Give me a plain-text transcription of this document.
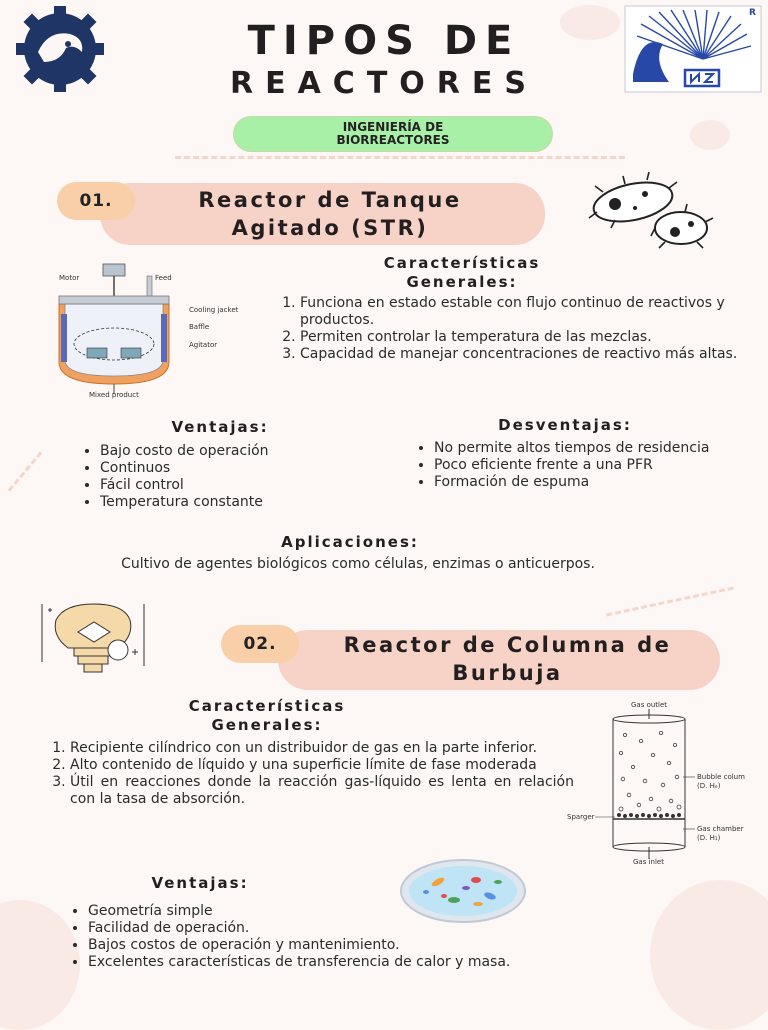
R
TIPOS DE
REACTORES
INGENIERÍA DE BIORREACTORES
01.	Reactor de Tanque Agitado (STR)
Motor	Feed
Cooling jacket
Baffle
Agitator
Mixed product
Características Generales:
1. Funciona en estado estable con flujo continuo de reactivos y productos.
2. Permiten controlar la temperatura de las mezclas.
3. Capacidad de manejar concentraciones de reactivo más altas.
Ventajas:
• Bajo costo de operación
• Continuos
• Fácil control
• Temperatura constante
Desventajas:
• No permite altos tiempos de residencia
• Poco eficiente frente a una PFR
• Formación de espuma
Aplicaciones:
Cultivo de agentes biológicos como células, enzimas o anticuerpos.
02.	Reactor de Columna de Burbuja
Características Generales:
1. Recipiente cilíndrico con un distribuidor de gas en la parte inferior.
2. Alto contenido de líquido y una superficie límite de fase moderada
3. Útil en reacciones donde la reacción gas-líquido es lenta en relación con la tasa de absorción.
Gas outlet
Bubble colum
(D. Hₑ)
Sparger
Gas chamber
(D. H₁)
Gas inlet
Ventajas:
• Geometría simple
• Facilidad de operación.
• Bajos costos de operación y mantenimiento.
• Excelentes características de transferencia de calor y masa.
